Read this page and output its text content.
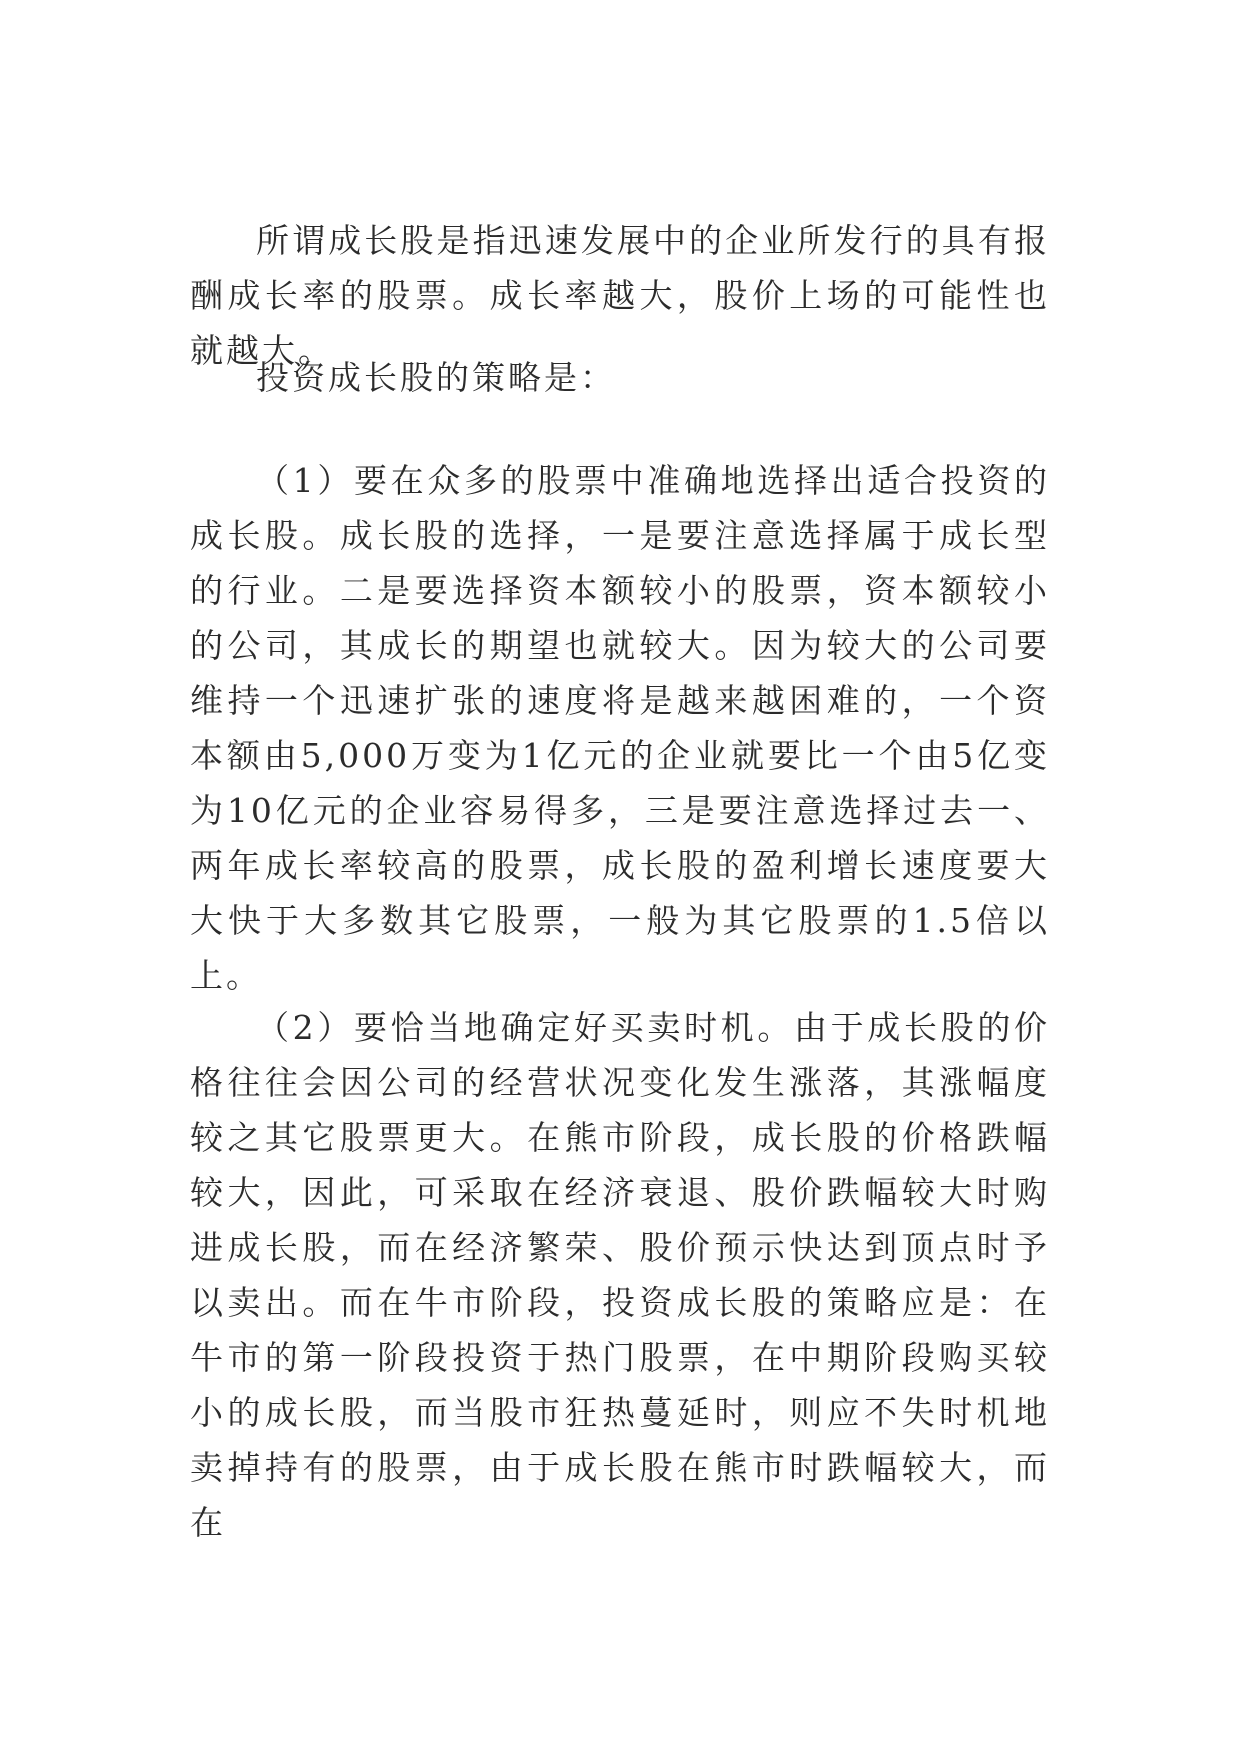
所谓成长股是指迅速发展中的企业所发行的具有报酬成长率的股票。成长率越大，股价上场的可能性也就越大。

投资成长股的策略是：

（1）要在众多的股票中准确地选择出适合投资的成长股。成长股的选择，一是要注意选择属于成长型的行业。二是要选择资本额较小的股票，资本额较小的公司，其成长的期望也就较大。因为较大的公司要维持一个迅速扩张的速度将是越来越困难的，一个资本额由5,000万变为1亿元的企业就要比一个由5亿变为10亿元的企业容易得多，三是要注意选择过去一、两年成长率较高的股票，成长股的盈利增长速度要大大快于大多数其它股票，一般为其它股票的1.5倍以上。

（2）要恰当地确定好买卖时机。由于成长股的价格往往会因公司的经营状况变化发生涨落，其涨幅度较之其它股票更大。在熊市阶段，成长股的价格跌幅较大，因此，可采取在经济衰退、股价跌幅较大时购进成长股，而在经济繁荣、股价预示快达到顶点时予以卖出。而在牛市阶段，投资成长股的策略应是：在牛市的第一阶段投资于热门股票，在中期阶段购买较小的成长股，而当股市狂热蔓延时，则应不失时机地卖掉持有的股票，由于成长股在熊市时跌幅较大，而在
